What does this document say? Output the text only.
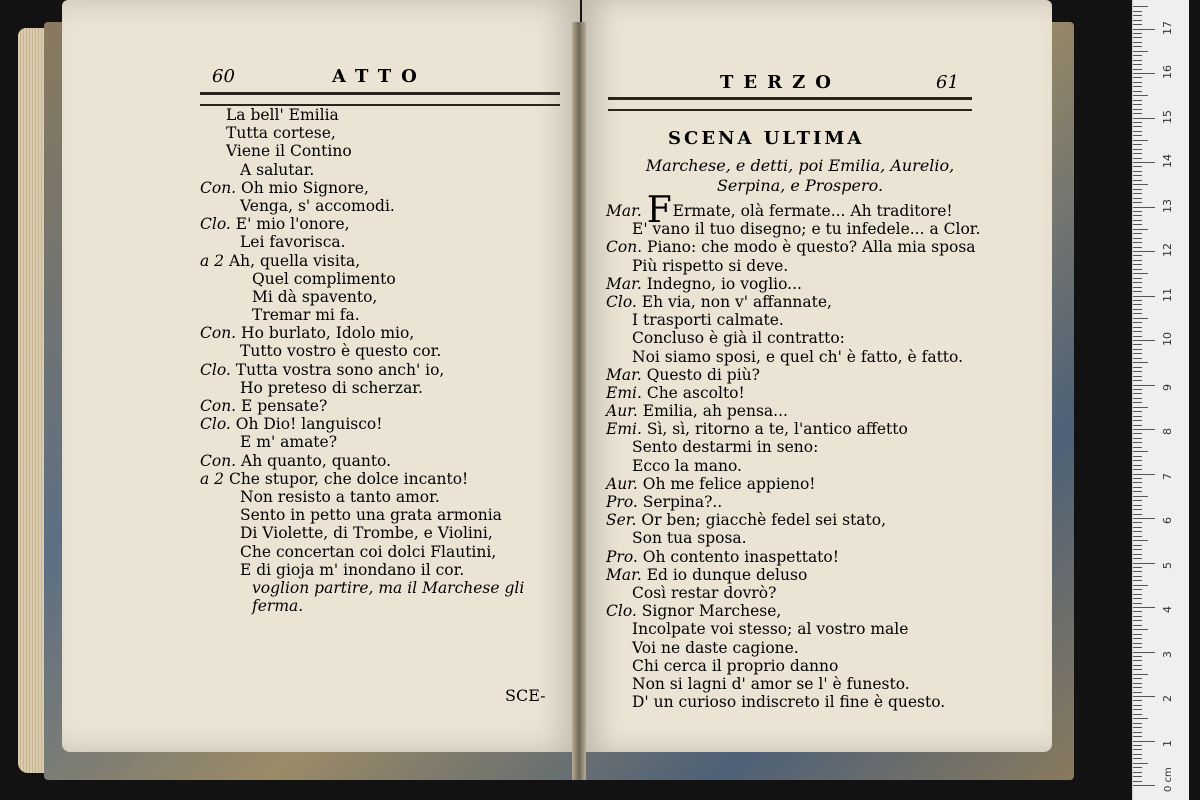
60	ATTO
La bell' Emilia
Tutta cortese,
Viene il Contino
A salutar.
Con. Oh mio Signore,
Venga, s' accomodi.
Clo. E' mio l'onore,
Lei favorisca.
a 2 Ah, quella visita,
Quel complimento
Mi dà spavento,
Tremar mi fa.
Con. Ho burlato, Idolo mio,
Tutto vostro è questo cor.
Clo. Tutta vostra sono anch' io,
Ho preteso di scherzar.
Con. E pensate?
Clo. Oh Dio! languisco!
E m' amate?
Con. Ah quanto, quanto.
a 2 Che stupor, che dolce incanto!
Non resisto a tanto amor.
Sento in petto una grata armonia
Di Violette, di Trombe, e Violini,
Che concertan coi dolci Flautini,
E di gioja m' inondano il cor.
voglion partire, ma il Marchese gli
ferma.
SCE-
TERZO	61
SCENA ULTIMA
Marchese, e detti, poi Emilia, Aurelio,
Serpina, e Prospero.
Mar. FErmate, olà fermate... Ah traditore!
E' vano il tuo disegno; e tu infedele... a Clor.
Con. Piano: che modo è questo? Alla mia sposa
Più rispetto si deve.
Mar. Indegno, io voglio...
Clo. Eh via, non v' affannate,
I trasporti calmate.
Concluso è già il contratto:
Noi siamo sposi, e quel ch' è fatto, è fatto.
Mar. Questo di più?
Emi. Che ascolto!
Aur. Emilia, ah pensa...
Emi. Sì, sì, ritorno a te, l'antico affetto
Sento destarmi in seno:
Ecco la mano.
Aur. Oh me felice appieno!
Pro. Serpina?..
Ser. Or ben; giacchè fedel sei stato,
Son tua sposa.
Pro. Oh contento inaspettato!
Mar. Ed io dunque deluso
Così restar dovrò?
Clo. Signor Marchese,
Incolpate voi stesso; al vostro male
Voi ne daste cagione.
Chi cerca il proprio danno
Non si lagni d' amor se l' è funesto.
D' un curioso indiscreto il fine è questo.
0 cm
1
2
3
4
5
6
7
8
9
10
11
12
13
14
15
16
17
